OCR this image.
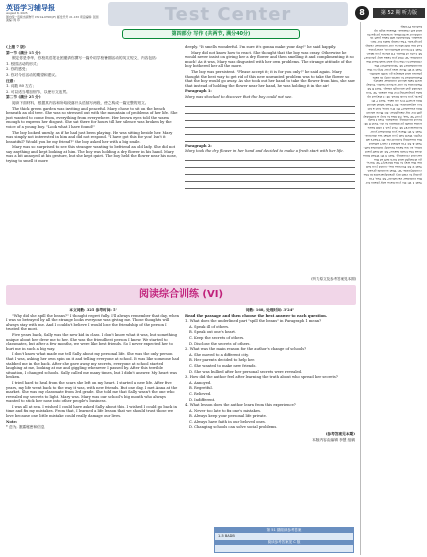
英语学习辅导报
August 8, 2025
国内统一连续出版物号 CN14-0706/(F) 邮发代号 21-133 责任编辑: 张国 美编: 周 印	Test Center	8	第 52 期 听力版
第四部分 写作 (共两节, 满分40分)
(上接 7 版)
第一节 (满分 15 分)
假定你是李华，你校英语报社团邀请你撰写一篇介绍学校暑期活动的英文短文，内容包括：
1. 校园活动的形式；
2. 你的感受；
3. 你对今后活动的期望和建议。
注意：
1. 词数 80 左右；
2. 可以适当增加细节，以使行文连贯。
第二节 (满分 25 分)
阅读下面材料，根据其内容和所给段落开头语续写两段，使之构成一篇完整的短文。
The thick green garden was inviting and peaceful. Mary chose to sit on the bench beneath an old tree. She was so stressed out with the mountain of problems of her life. She just wanted to come from, everything from everywhere. Her brown eyes told the warm enough to express her disgust. She sat there for hours till her silence was broken by the voice of a young boy. "Look what I have found!"
The boy looked unruly, as if he had just been playing. He was sitting beside her. Mary was simply not interested in him and did not respond. "I have got this for you! Isn't it beautiful? Would you be my friend?" the boy asked her with a big smile.
Mary was so surprised to see this stranger wanting to befriend an old lady. She did not say anything and kept looking at him. The boy was holding a dry flower in his hand. Mary was a bit annoyed at his gesture, but she kept quiet. The boy held the flower near his nose, trying to smell it more
deeply. "It smells wonderful. I'm sure it's gonna make your day!" he said happily.
Mary did not know how to react. She thought that the boy was crazy. Otherwise he would never insist on giving her a dry flower and then smelling it and complimenting it so much! As it was, Mary was disgusted with her own problems. The strange attitude of the boy bothered her all the more.
The boy was persistent. "Please accept it; it is for you only!" he said again. Mary thought the best way to get rid of this new unwanted problem was to take the flower so that the boy would go away. As she took out her hand to take the flower from him, she saw that instead of holding the flower near her hand, he was holding it in the air!
Paragraph 1:
Mary was shocked to discover that the boy could not see.
Paragraph 2:
Mary took the dry flower in her hand and decided to make a fresh start with her life.
(听力原文及参考答案见本期)
阅读综合训练 (VI)
本文词数: 325 参考时间: 5'
"Why did she spill the beans?" I thought regret fully. I'll always remember that day, when I was so betrayed by all the strange looks everyone was giving me. Those thoughts will always stay with me. And I couldn't believe I would lose the friendship of the person I trusted the most.
Five years back, Sally was the new kid in class. I don't know what it was, but something unique about her drew me to her. She was the friendliest person I knew. We started to classmates, but after a few months, we were like best friends. So I never expected her to hurt me in such a big way.
I don't know what made me tell Sally about my personal life. She was the only person that I was, asking her own spin on it and telling everyone at school. It was like someone had stabbed me in the back. After she gave away my secrets, everyone at school started laughing at me, looking at me and giggling whenever I passed by. After this terrible situation, I changed schools. Sally called me many times, but I didn't answer. My heart was broken.
I tried hard to heal from the scars she left on my heart. I started a new life. After five years, my life went back to the way it was, with new friends. But one day, I met Anna at the market. She was my classmate from 3rd grade. She told me that Sally wasn't the one who revealed my secrets to light. Mary was. Mary was our school's big mouth who always wanted to stick her nose into other people's business.
I was all at sea. I wished I could have asked Sally about this. I wished I could go back in time and fix my mistakes. From that, I learned a life lesson that we should trust those we love because one little mistake could really damage our lives.
Note:
* 虑为, 泄露秘密和信息
词数: 168, 处理时间: 3'24"
Read the passage and then choose the best answer to each question.
1. What does the underlined part "spill the beans" in Paragraph 1 mean?
A. Speak ill of others.
B. Speak out one's heart.
C. Keep the secrets of others.
D. Disclose the secrets of others.
2. What was the main reason for the author's change of schools?
A. She moved to a different city.
B. Her parents decided to help her.
C. She wanted to make new friends.
D. She was bullied after her personal secrets were revealed.
3. How did the author feel after learning the truth about who spread her secrets?
A. Annoyed.
B. Regretful.
C. Relieved.
D. Indifferent.
4. What lesson does the author learn from this experience?
A. Never too late to fix one's mistakes.
B. Always keep your personal life private.
C. Always have faith in our beloved ones.
D. Changing schools can solve social problems.
(参考答案见本期)
本版内容由编辑 李慧 组稿
第 51 期阅读参考答案
1-5 BADB
阅读参考答案见 C 版
Text 1 W: Do you have any plans for the summer vacation? M: Yes, I'm going to visit my grandparents in the countryside. W: That sounds great. Text 2 M: Excuse me, could you tell me the way to the library? W: Sure, go straight and turn left at the second crossing. Text 3 W: What time does the train leave? M: At half past nine, so we have twenty minutes left. Text 4 M: I'm afraid I can't attend the meeting tomorrow. W: That's all right. We'll tell you what we discuss. Text 5 W: Have you finished your homework? M: Not yet. I still have some math problems to do. Text 6 M: Good morning, madam. Can I help you? W: Yes, I'd like to buy a birthday gift for my daughter. M: How about this sweater? W: It's nice, but a bit too expensive. M: Then what about this scarf? It's on sale. Text 7 W: Jack, you look tired. M: I stayed up late preparing for the exam. W: You should get enough sleep. Text 8 M: Welcome to our school radio. Today we'll talk about summer safety. Remember to swim only in safe places and always go with adults. Text 9 W: How was your trip to the mountains? M: Wonderful! We climbed to the top and watched the sunrise. W: Did you take any photos? M: Lots of them. I'll show you later. Text 10 Good afternoon, everyone. Let me introduce our summer camp program. The camp lasts for two weeks. Students will take part in outdoor activities, science projects and art classes. Please sign up before Friday.
